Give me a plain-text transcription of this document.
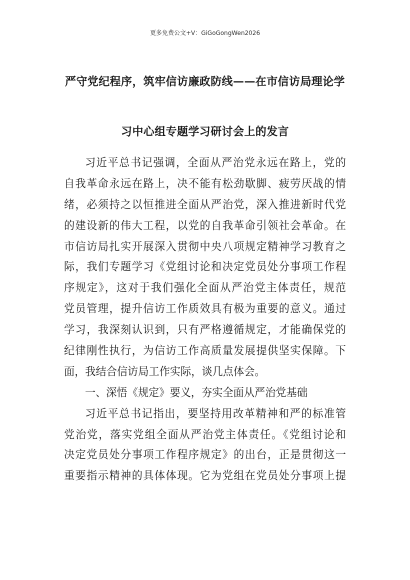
更多免费公文+V：GiGoGongWen2026
严守党纪程序，筑牢信访廉政防线——在市信访局理论学
习中心组专题学习研讨会上的发言
习近平总书记强调，全面从严治党永远在路上，党的
自我革命永远在路上，决不能有松劲歇脚、疲劳厌战的情
绪，必须持之以恒推进全面从严治党，深入推进新时代党
的建设新的伟大工程，以党的自我革命引领社会革命。在
市信访局扎实开展深入贯彻中央八项规定精神学习教育之
际，我们专题学习《党组讨论和决定党员处分事项工作程
序规定》，这对于我们强化全面从严治党主体责任，规范
党员管理，提升信访工作质效具有极为重要的意义。通过
学习，我深刻认识到，只有严格遵循规定，才能确保党的
纪律刚性执行，为信访工作高质量发展提供坚实保障。下
面，我结合信访局工作实际，谈几点体会。
一、深悟《规定》要义，夯实全面从严治党基础
习近平总书记指出，要坚持用改革精神和严的标准管
党治党，落实党组全面从严治党主体责任。《党组讨论和
决定党员处分事项工作程序规定》的出台，正是贯彻这一
重要指示精神的具体体现。它为党组在党员处分事项上提
